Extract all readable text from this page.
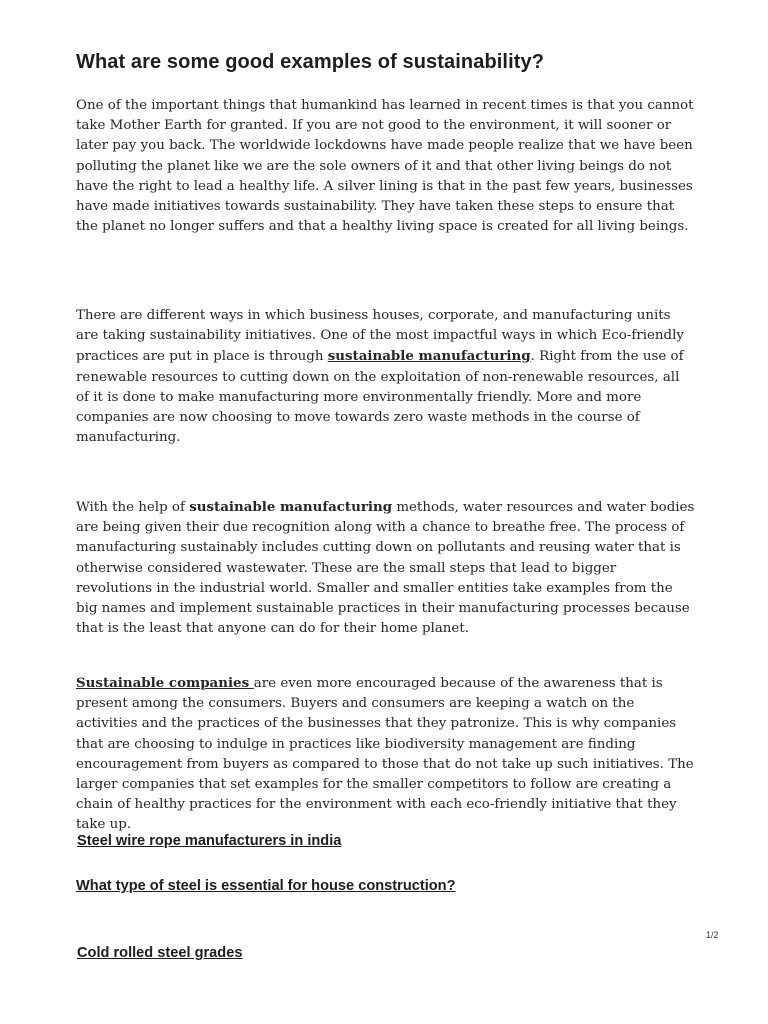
What are some good examples of sustainability?

One of the important things that humankind has learned in recent times is that you cannot take Mother Earth for granted. If you are not good to the environment, it will sooner or later pay you back. The worldwide lockdowns have made people realize that we have been polluting the planet like we are the sole owners of it and that other living beings do not have the right to lead a healthy life. A silver lining is that in the past few years, businesses have made initiatives towards sustainability. They have taken these steps to ensure that the planet no longer suffers and that a healthy living space is created for all living beings.

There are different ways in which business houses, corporate, and manufacturing units are taking sustainability initiatives. One of the most impactful ways in which Eco-friendly practices are put in place is through sustainable manufacturing. Right from the use of renewable resources to cutting down on the exploitation of non-renewable resources, all of it is done to make manufacturing more environmentally friendly. More and more companies are now choosing to move towards zero waste methods in the course of manufacturing.

With the help of sustainable manufacturing methods, water resources and water bodies are being given their due recognition along with a chance to breathe free. The process of manufacturing sustainably includes cutting down on pollutants and reusing water that is otherwise considered wastewater. These are the small steps that lead to bigger revolutions in the industrial world. Smaller and smaller entities take examples from the big names and implement sustainable practices in their manufacturing processes because that is the least that anyone can do for their home planet.

Sustainable companies are even more encouraged because of the awareness that is present among the consumers. Buyers and consumers are keeping a watch on the activities and the practices of the businesses that they patronize. This is why companies that are choosing to indulge in practices like biodiversity management are finding encouragement from buyers as compared to those that do not take up such initiatives. The larger companies that set examples for the smaller competitors to follow are creating a chain of healthy practices for the environment with each eco-friendly initiative that they take up.

Steel wire rope manufacturers in india
What type of steel is essential for house construction?
1/2
Cold rolled steel grades
